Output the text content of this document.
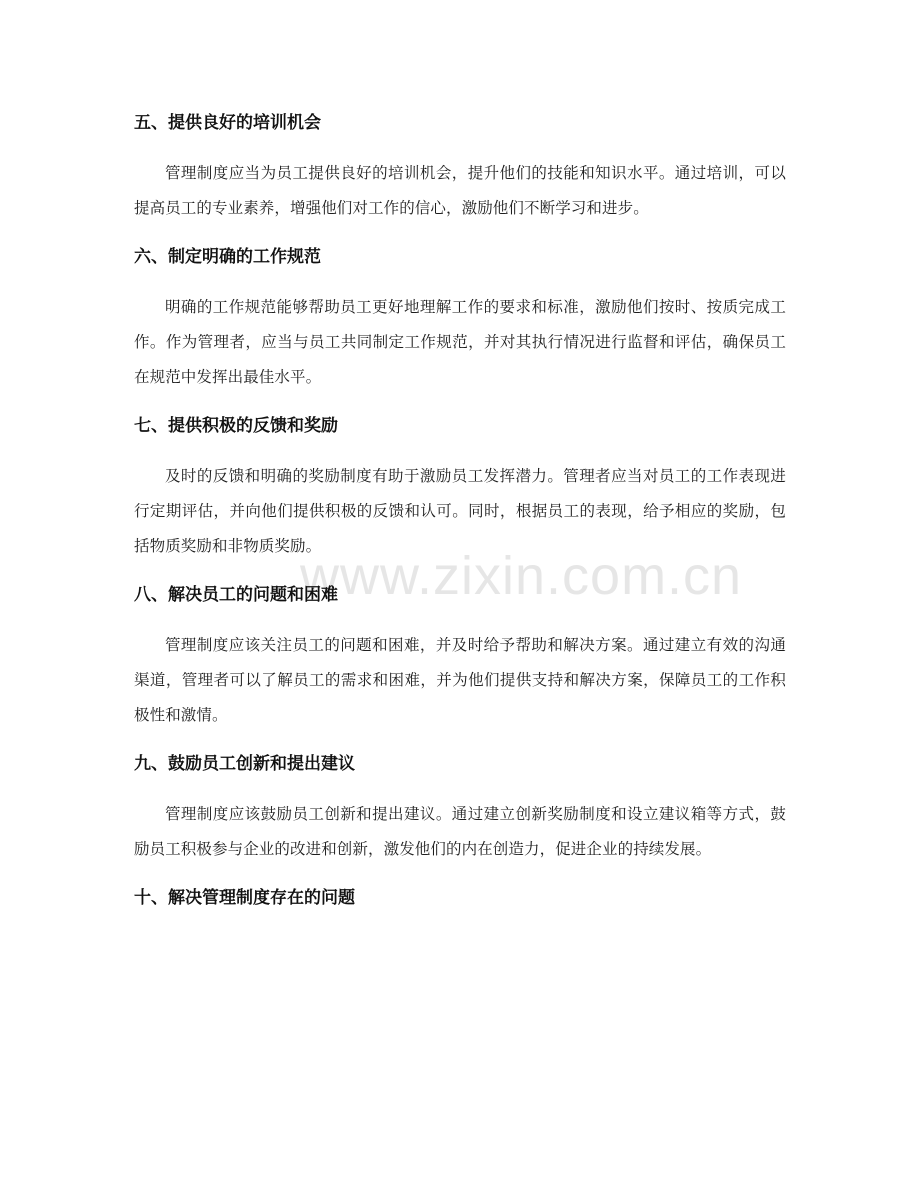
www.zixin.com.cn
五、提供良好的培训机会

管理制度应当为员工提供良好的培训机会，提升他们的技能和知识水平。通过培训，可以提高员工的专业素养，增强他们对工作的信心，激励他们不断学习和进步。

六、制定明确的工作规范

明确的工作规范能够帮助员工更好地理解工作的要求和标准，激励他们按时、按质完成工作。作为管理者，应当与员工共同制定工作规范，并对其执行情况进行监督和评估，确保员工在规范中发挥出最佳水平。

七、提供积极的反馈和奖励

及时的反馈和明确的奖励制度有助于激励员工发挥潜力。管理者应当对员工的工作表现进行定期评估，并向他们提供积极的反馈和认可。同时，根据员工的表现，给予相应的奖励，包括物质奖励和非物质奖励。

八、解决员工的问题和困难

管理制度应该关注员工的问题和困难，并及时给予帮助和解决方案。通过建立有效的沟通渠道，管理者可以了解员工的需求和困难，并为他们提供支持和解决方案，保障员工的工作积极性和激情。

九、鼓励员工创新和提出建议

管理制度应该鼓励员工创新和提出建议。通过建立创新奖励制度和设立建议箱等方式，鼓励员工积极参与企业的改进和创新，激发他们的内在创造力，促进企业的持续发展。

十、解决管理制度存在的问题
